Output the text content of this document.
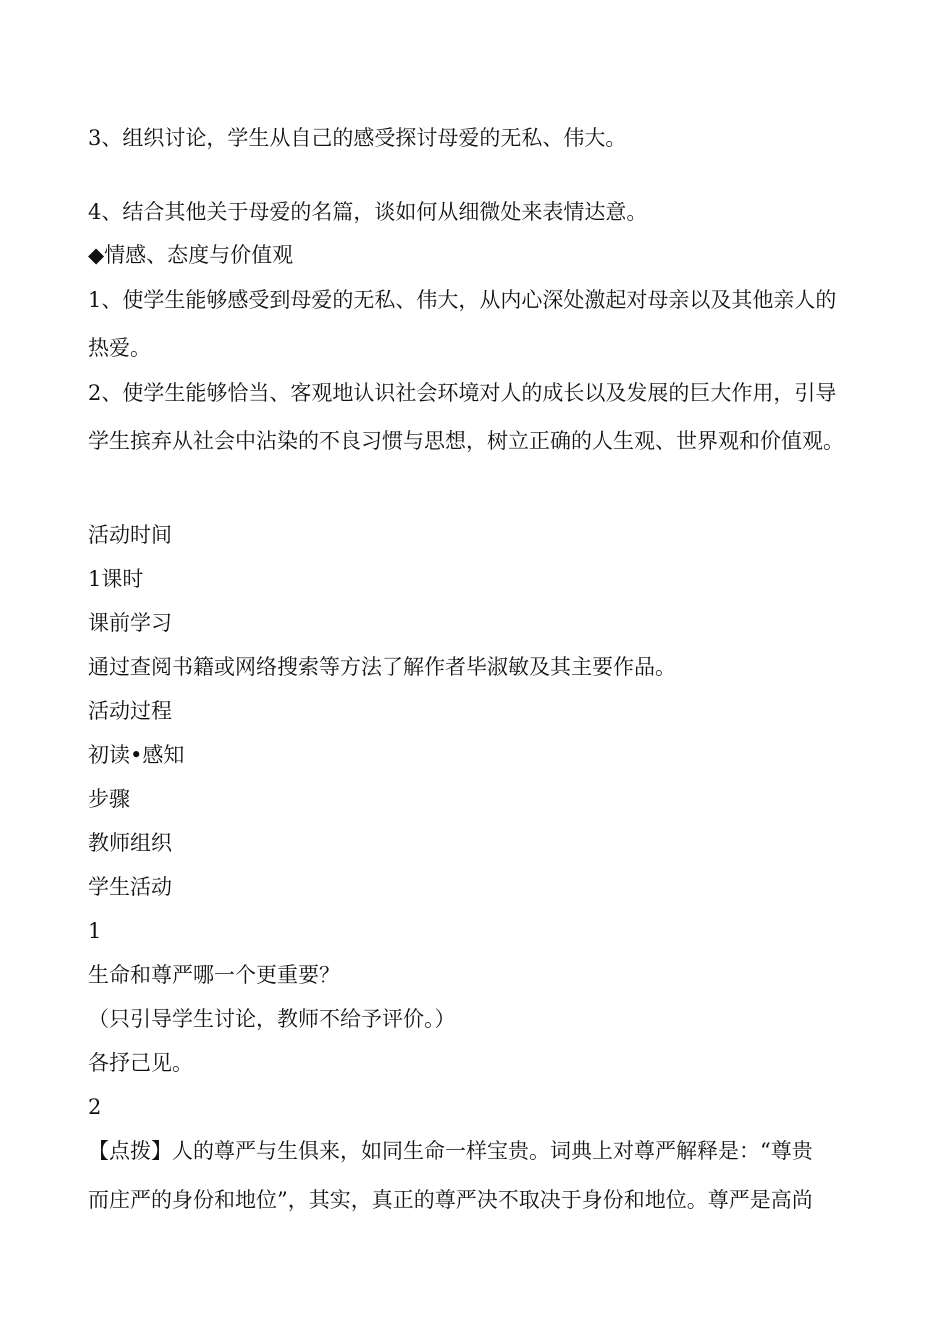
3、组织讨论，学生从自己的感受探讨母爱的无私、伟大。

4、结合其他关于母爱的名篇，谈如何从细微处来表情达意。

◆情感、态度与价值观

1、使学生能够感受到母爱的无私、伟大，从内心深处激起对母亲以及其他亲人的

热爱。

2、使学生能够恰当、客观地认识社会环境对人的成长以及发展的巨大作用，引导

学生摈弃从社会中沾染的不良习惯与思想，树立正确的人生观、世界观和价值观。

活动时间

1课时

课前学习

通过查阅书籍或网络搜索等方法了解作者毕淑敏及其主要作品。

活动过程

初读•感知

步骤

教师组织

学生活动

1

生命和尊严哪一个更重要？

（只引导学生讨论，教师不给予评价。）

各抒己见。

2

【点拨】人的尊严与生俱来，如同生命一样宝贵。词典上对尊严解释是：“尊贵

而庄严的身份和地位”，其实，真正的尊严决不取决于身份和地位。尊严是高尚
